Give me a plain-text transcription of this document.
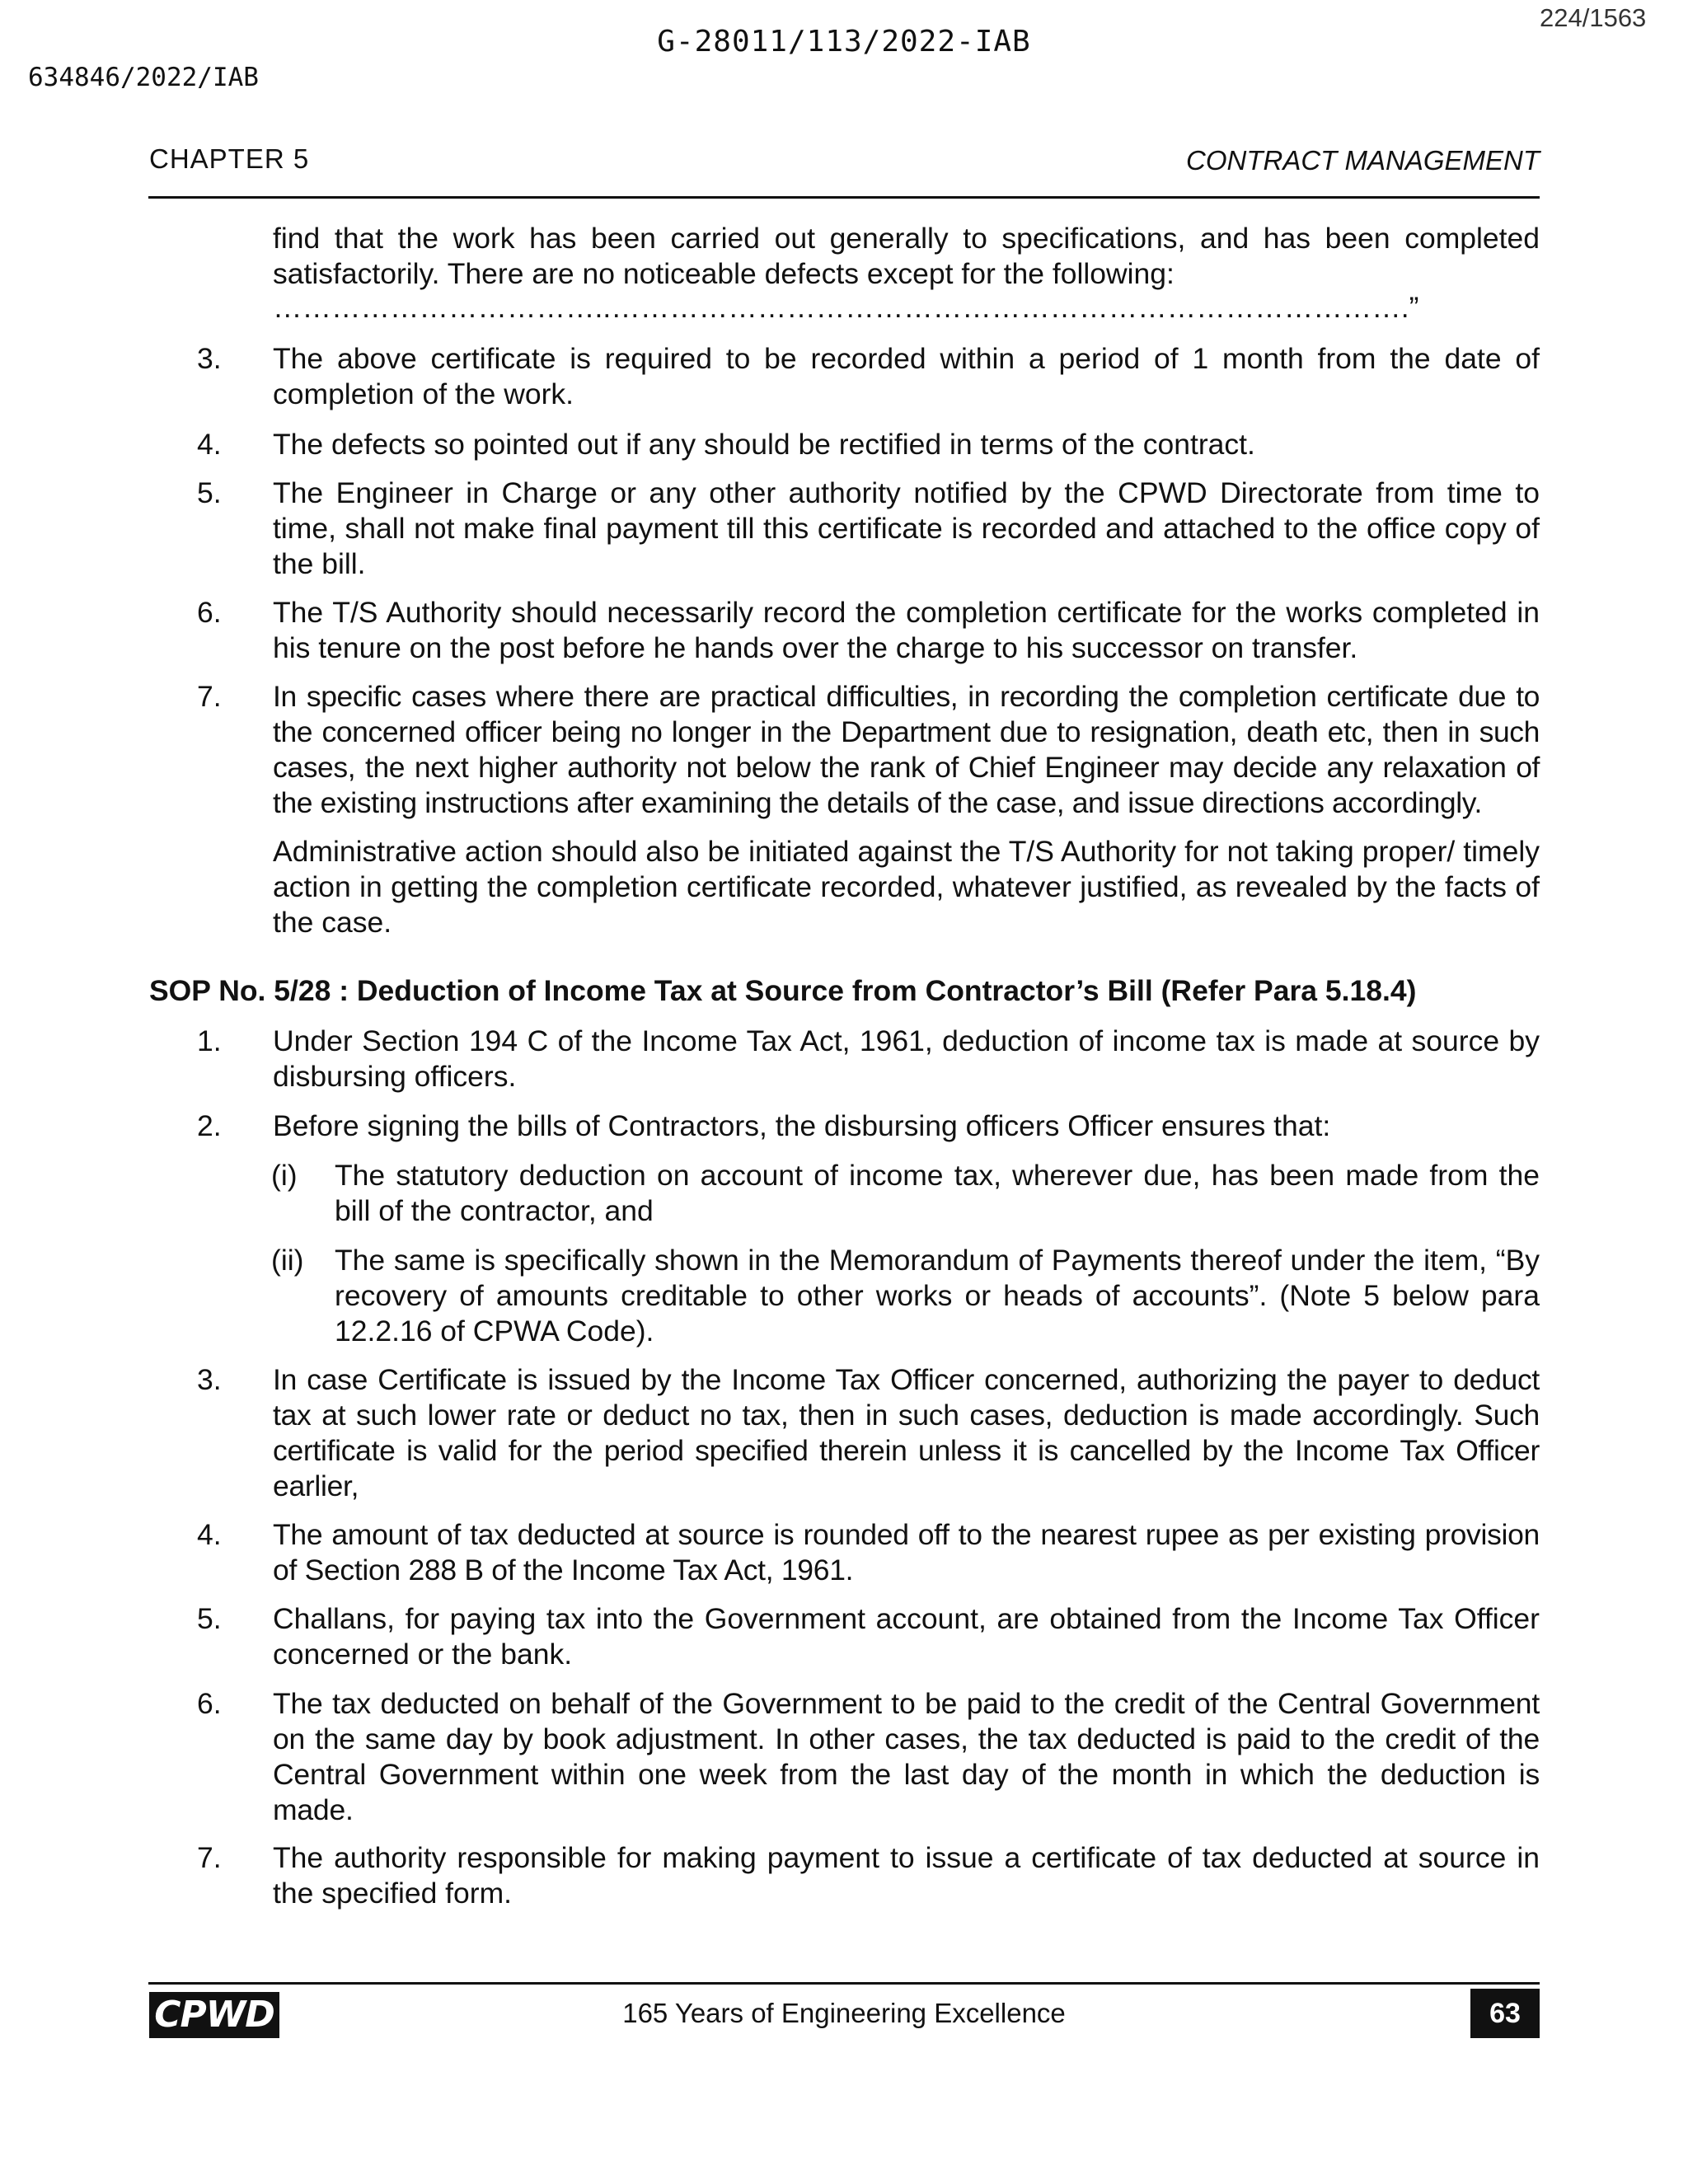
224/1563
G-28011/113/2022-IAB
634846/2022/IAB
CHAPTER 5	CONTRACT MANAGEMENT
find that the work has been carried out generally to specifications, and has been completed satisfactorily. There are no noticeable defects except for the following:
……………………………..……………………………………………………………………….”
3. The above certificate is required to be recorded within a period of 1 month from the date of completion of the work.
4. The defects so pointed out if any should be rectified in terms of the contract.
5. The Engineer in Charge or any other authority notified by the CPWD Directorate from time to time, shall not make final payment till this certificate is recorded and attached to the office copy of the bill.
6. The T/S Authority should necessarily record the completion certificate for the works completed in his tenure on the post before he hands over the charge to his successor on transfer.
7. In specific cases where there are practical difficulties, in recording the completion certificate due to the concerned officer being no longer in the Department due to resignation, death etc, then in such cases, the next higher authority not below the rank of Chief Engineer may decide any relaxation of the existing instructions after examining the details of the case, and issue directions accordingly.
Administrative action should also be initiated against the T/S Authority for not taking proper/ timely action in getting the completion certificate recorded, whatever justified, as revealed by the facts of the case.
SOP No. 5/28 : Deduction of Income Tax at Source from Contractor’s Bill (Refer Para 5.18.4)
1. Under Section 194 C of the Income Tax Act, 1961, deduction of income tax is made at source by disbursing officers.
2. Before signing the bills of Contractors, the disbursing officers Officer ensures that:
(i) The statutory deduction on account of income tax, wherever due, has been made from the bill of the contractor, and
(ii) The same is specifically shown in the Memorandum of Payments thereof under the item, “By recovery of amounts creditable to other works or heads of accounts”. (Note 5 below para 12.2.16 of CPWA Code).
3. In case Certificate is issued by the Income Tax Officer concerned, authorizing the payer to deduct tax at such lower rate or deduct no tax, then in such cases, deduction is made accordingly. Such certificate is valid for the period specified therein unless it is cancelled by the Income Tax Officer earlier,
4. The amount of tax deducted at source is rounded off to the nearest rupee as per existing provision of Section 288 B of the Income Tax Act, 1961.
5. Challans, for paying tax into the Government account, are obtained from the Income Tax Officer concerned or the bank.
6. The tax deducted on behalf of the Government to be paid to the credit of the Central Government on the same day by book adjustment. In other cases, the tax deducted is paid to the credit of the Central Government within one week from the last day of the month in which the deduction is made.
7. The authority responsible for making payment to issue a certificate of tax deducted at source in the specified form.
CPWD	165 Years of Engineering Excellence	63
